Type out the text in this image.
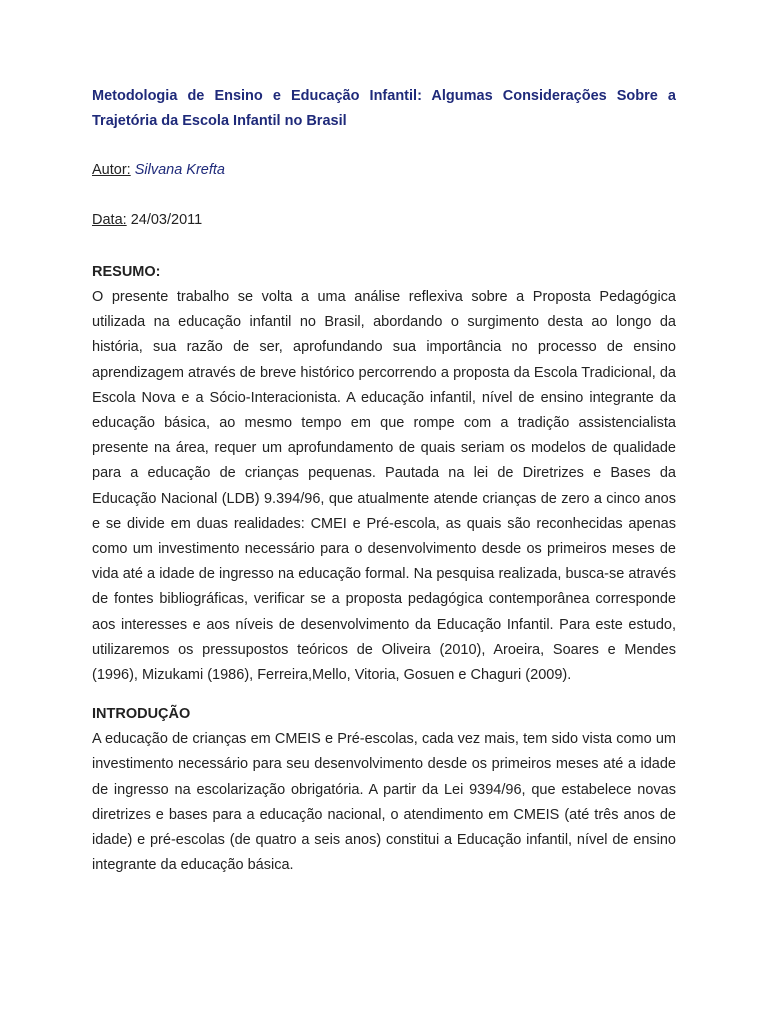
Metodologia de Ensino e Educação Infantil: Algumas Considerações Sobre a Trajetória da Escola Infantil no Brasil

Autor: Silvana Krefta

Data: 24/03/2011

RESUMO:

O presente trabalho se volta a uma análise reflexiva sobre a Proposta Pedagógica utilizada na educação infantil no Brasil, abordando o surgimento desta ao longo da história, sua razão de ser, aprofundando sua importância no processo de ensino aprendizagem através de breve histórico percorrendo a proposta da Escola Tradicional, da Escola Nova e a Sócio-Interacionista. A educação infantil, nível de ensino integrante da educação básica, ao mesmo tempo em que rompe com a tradição assistencialista presente na área, requer um aprofundamento de quais seriam os modelos de qualidade para a educação de crianças pequenas. Pautada na lei de Diretrizes e Bases da Educação Nacional (LDB) 9.394/96, que atualmente atende crianças de zero a cinco anos e se divide em duas realidades: CMEI e Pré-escola, as quais são reconhecidas apenas como um investimento necessário para o desenvolvimento desde os primeiros meses de vida até a idade de ingresso na educação formal. Na pesquisa realizada, busca-se através de fontes bibliográficas, verificar se a proposta pedagógica contemporânea corresponde aos interesses e aos níveis de desenvolvimento da Educação Infantil. Para este estudo, utilizaremos os pressupostos teóricos de Oliveira (2010), Aroeira, Soares e Mendes (1996), Mizukami (1986), Ferreira,Mello, Vitoria, Gosuen e Chaguri (2009).

INTRODUÇÃO

A educação de crianças em CMEIS e Pré-escolas, cada vez mais, tem sido vista como um investimento necessário para seu desenvolvimento desde os primeiros meses até a idade de ingresso na escolarização obrigatória. A partir da Lei 9394/96, que estabelece novas diretrizes e bases para a educação nacional, o atendimento em CMEIS (até três anos de idade) e pré-escolas (de quatro a seis anos) constitui a Educação infantil, nível de ensino integrante da educação básica.
